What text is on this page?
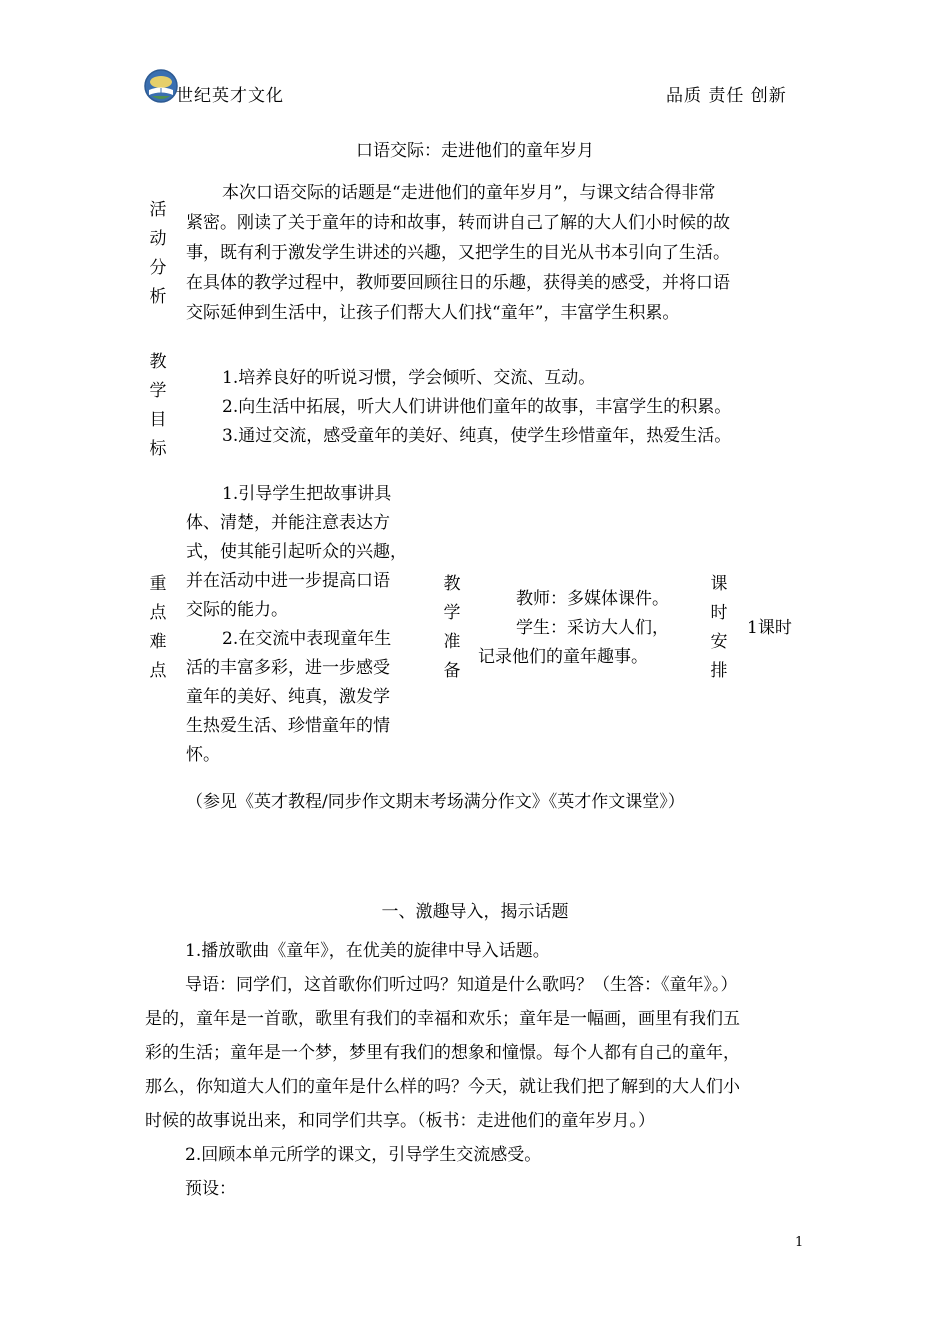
世纪英才文化	品质 责任 创新
口语交际：走进他们的童年岁月
活
动
分
析
本次口语交际的话题是“走进他们的童年岁月”，与课文结合得非常
紧密。刚读了关于童年的诗和故事，转而讲自己了解的大人们小时候的故
事，既有利于激发学生讲述的兴趣，又把学生的目光从书本引向了生活。
在具体的教学过程中，教师要回顾往日的乐趣，获得美的感受，并将口语
交际延伸到生活中，让孩子们帮大人们找“童年”，丰富学生积累。
教
学
目
标
1.培养良好的听说习惯，学会倾听、交流、互动。
2.向生活中拓展，听大人们讲讲他们童年的故事，丰富学生的积累。
3.通过交流，感受童年的美好、纯真，使学生珍惜童年，热爱生活。
重
点
难
点
1.引导学生把故事讲具
体、清楚，并能注意表达方
式，使其能引起听众的兴趣，
并在活动中进一步提高口语
交际的能力。
2.在交流中表现童年生
活的丰富多彩，进一步感受
童年的美好、纯真，激发学
生热爱生活、珍惜童年的情
怀。
教
学
准
备
教师：多媒体课件。
学生：采访大人们，
记录他们的童年趣事。
课
时
安
排
1课时
（参见《英才教程/同步作文期末考场满分作文》《英才作文课堂》）
一、激趣导入，揭示话题
1.播放歌曲《童年》，在优美的旋律中导入话题。
导语：同学们，这首歌你们听过吗？知道是什么歌吗？（生答：《童年》。）
是的，童年是一首歌，歌里有我们的幸福和欢乐；童年是一幅画，画里有我们五
彩的生活；童年是一个梦，梦里有我们的想象和憧憬。每个人都有自己的童年，
那么，你知道大人们的童年是什么样的吗？今天，就让我们把了解到的大人们小
时候的故事说出来，和同学们共享。（板书：走进他们的童年岁月。）
2.回顾本单元所学的课文，引导学生交流感受。
预设：
1
